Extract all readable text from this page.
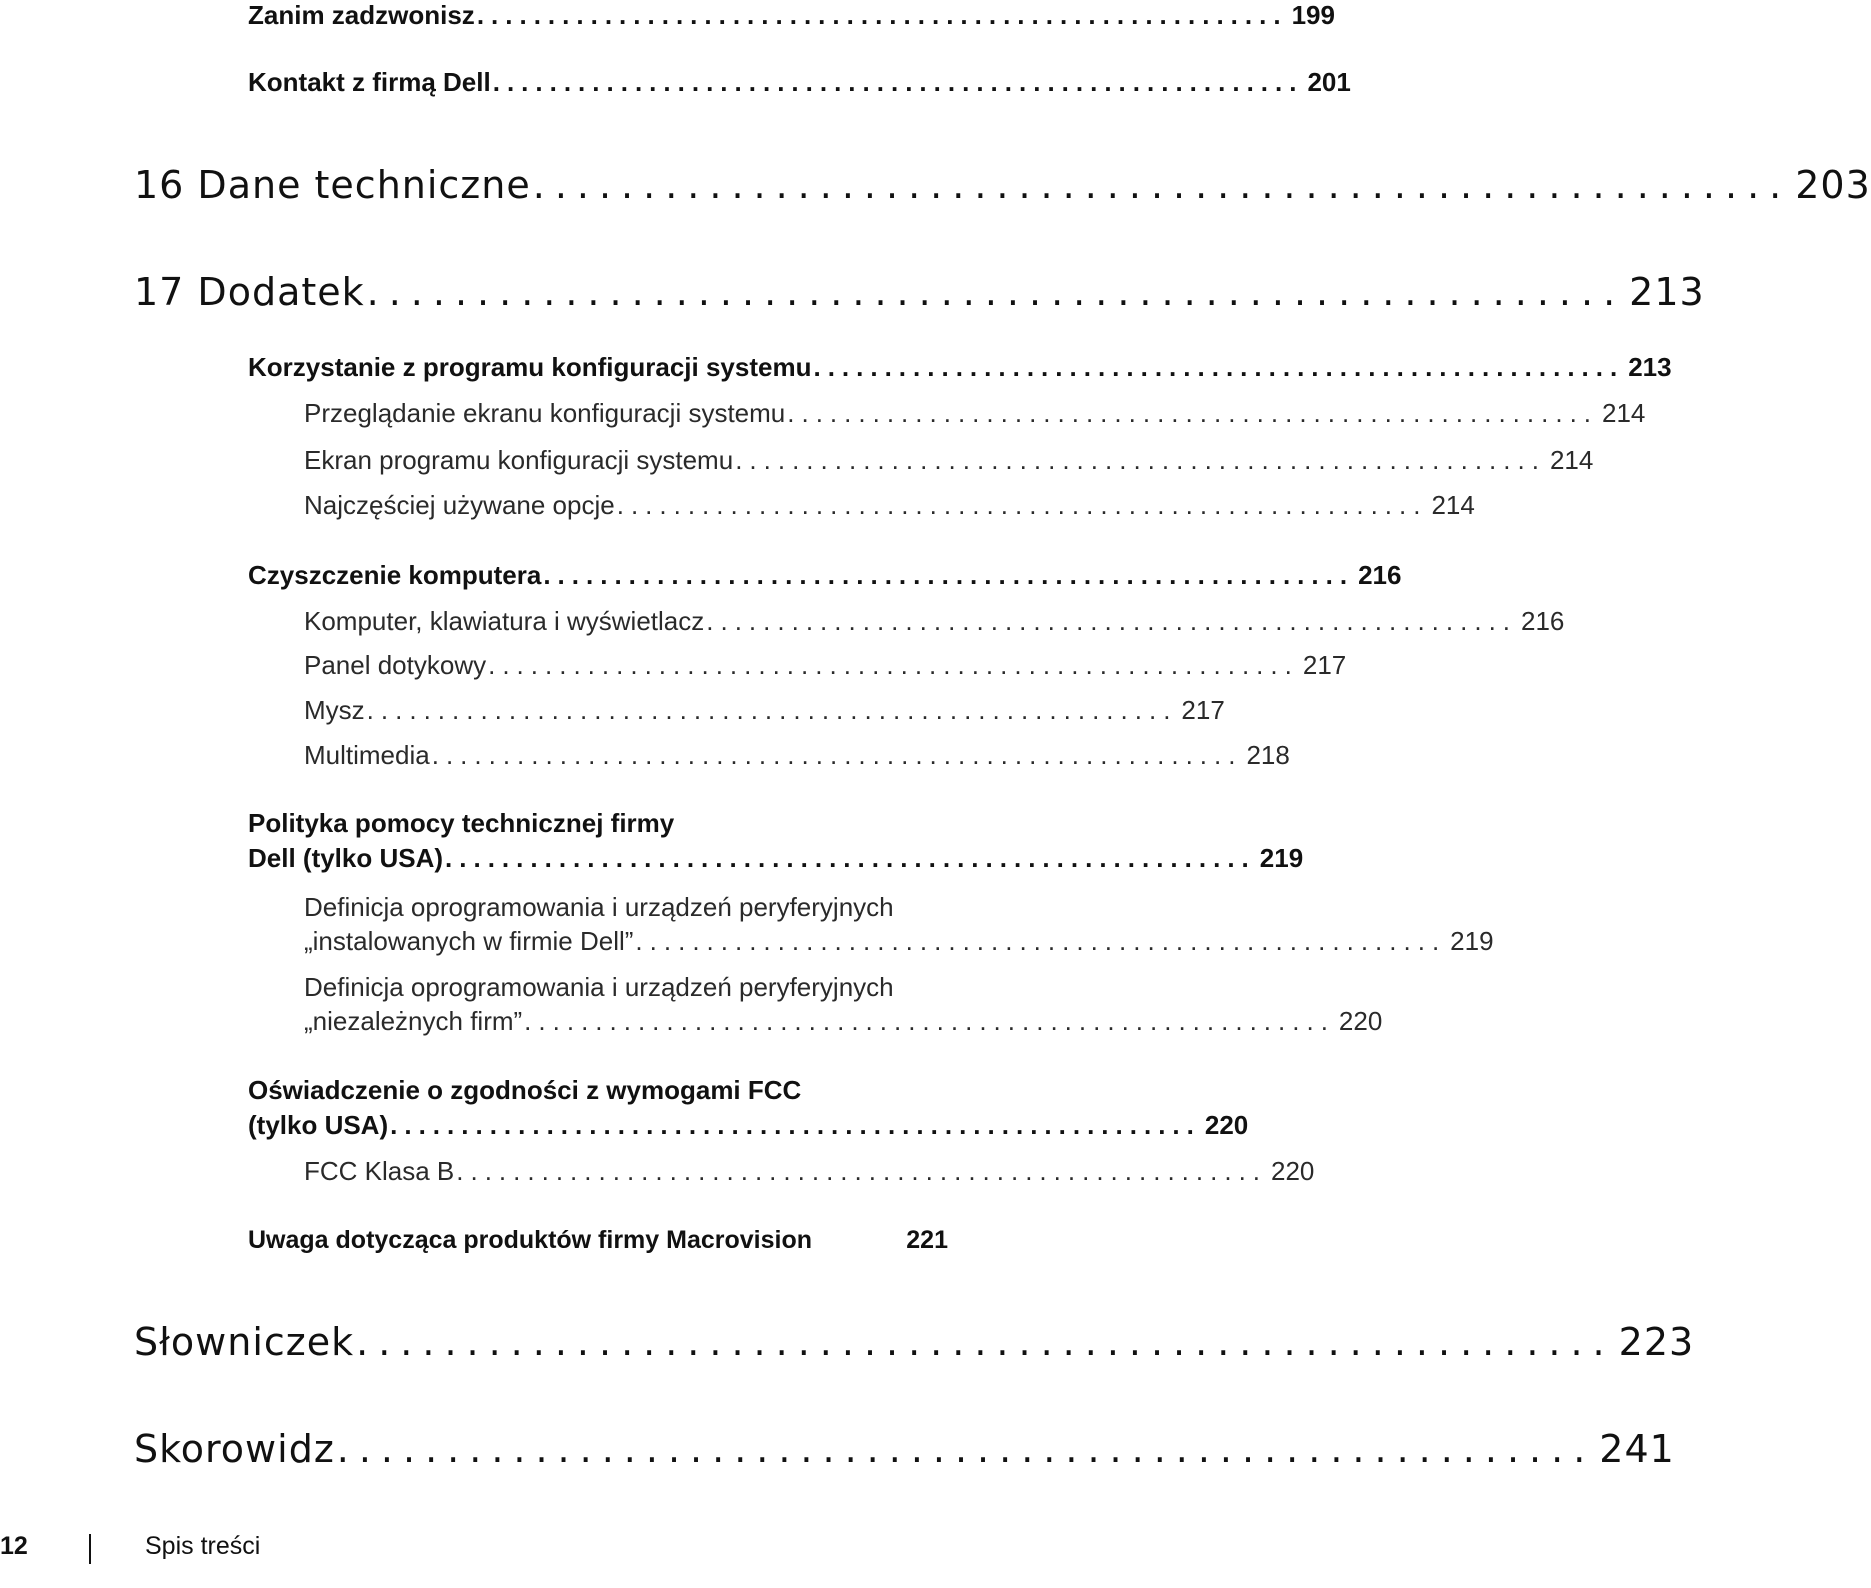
Zanim zadzwonisz ......................................................... 199
Kontakt z firmą Dell ......................................................... 201
16 Dane techniczne ......................................................... 203
17 Dodatek ......................................................... 213
Korzystanie z programu konfiguracji systemu ......................................................... 213
Przeglądanie ekranu konfiguracji systemu ......................................................... 214
Ekran programu konfiguracji systemu ......................................................... 214
Najczęściej używane opcje ......................................................... 214
Czyszczenie komputera ......................................................... 216
Komputer, klawiatura i wyświetlacz ......................................................... 216
Panel dotykowy ......................................................... 217
Mysz ......................................................... 217
Multimedia ......................................................... 218
Polityka pomocy technicznej firmy
Dell (tylko USA) ......................................................... 219
Definicja oprogramowania i urządzeń peryferyjnych
„instalowanych w firmie Dell” ......................................................... 219
Definicja oprogramowania i urządzeń peryferyjnych
„niezależnych firm” ......................................................... 220
Oświadczenie o zgodności z wymogami FCC
(tylko USA) ......................................................... 220
FCC Klasa B ......................................................... 220
Uwaga dotycząca produktów firmy Macrovision	221
Słowniczek ......................................................... 223
Skorowidz ......................................................... 241
12	Spis treści
